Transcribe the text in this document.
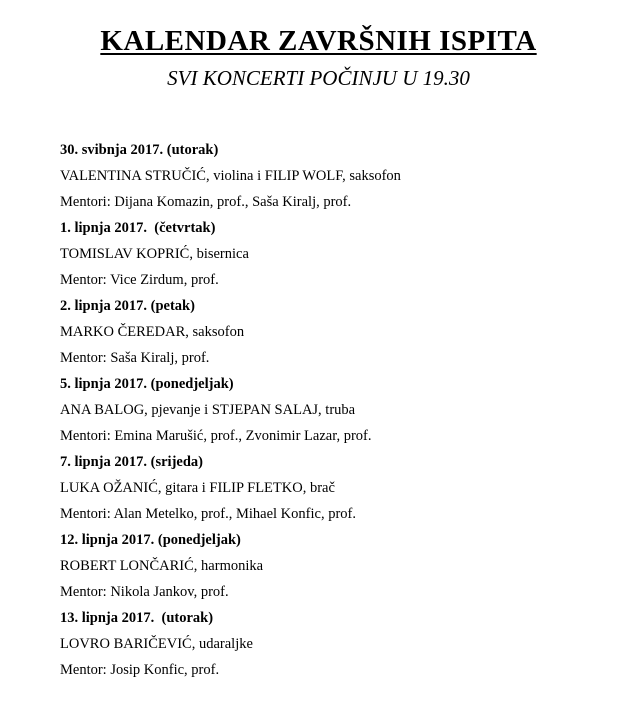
KALENDAR ZAVRŠNIH ISPITA
SVI KONCERTI POČINJU U 19.30

30. svibnja 2017. (utorak)

VALENTINA STRUČIĆ, violina i FILIP WOLF, saksofon

Mentori: Dijana Komazin, prof., Saša Kiralj, prof.

1. lipnja 2017.  (četvrtak)

TOMISLAV KOPRIĆ, bisernica

Mentor: Vice Zirdum, prof.

2. lipnja 2017. (petak)

MARKO ČEREDAR, saksofon

Mentor: Saša Kiralj, prof.

5. lipnja 2017. (ponedjeljak)

ANA BALOG, pjevanje i STJEPAN SALAJ, truba

Mentori: Emina Marušić, prof., Zvonimir Lazar, prof.

7. lipnja 2017. (srijeda)

LUKA OŽANIĆ, gitara i FILIP FLETKO, brač

Mentori: Alan Metelko, prof., Mihael Konfic, prof.

12. lipnja 2017. (ponedjeljak)

ROBERT LONČARIĆ, harmonika

Mentor: Nikola Jankov, prof.

13. lipnja 2017.  (utorak)

LOVRO BARIČEVIĆ, udaraljke

Mentor: Josip Konfic, prof.
